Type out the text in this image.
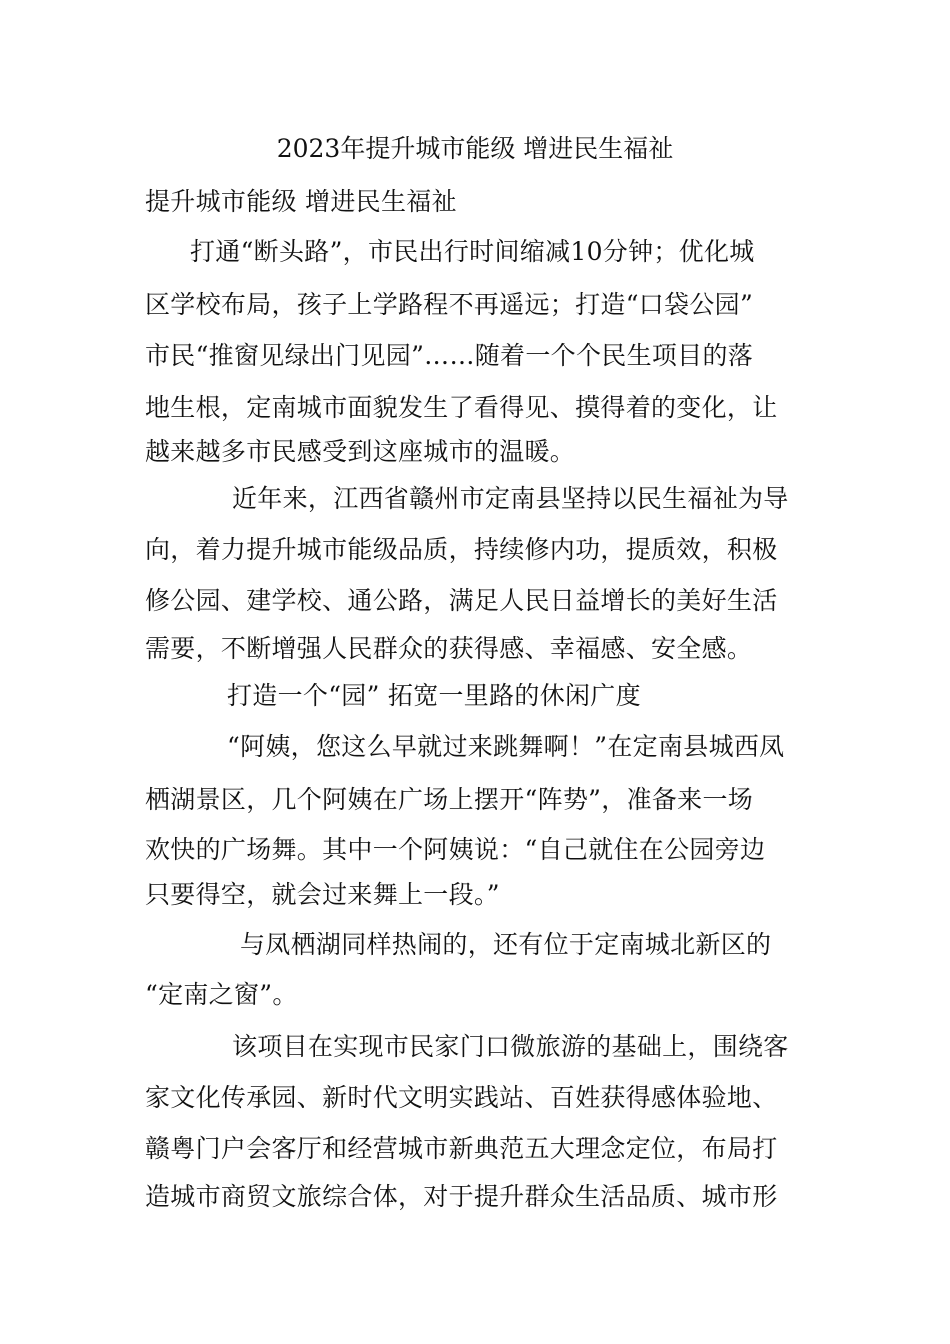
2023年提升城市能级 增进民生福祉
提升城市能级 增进民生福祉
打通“断头路”，市民出行时间缩减10分钟；优化城
区学校布局，孩子上学路程不再遥远；打造“口袋公园”
市民“推窗见绿出门见园”……随着一个个民生项目的落
地生根，定南城市面貌发生了看得见、摸得着的变化，让
越来越多市民感受到这座城市的温暖。
近年来，江西省赣州市定南县坚持以民生福祉为导
向，着力提升城市能级品质，持续修内功，提质效，积极
修公园、建学校、通公路，满足人民日益增长的美好生活
需要，不断增强人民群众的获得感、幸福感、安全感。
打造一个“园” 拓宽一里路的休闲广度
“阿姨，您这么早就过来跳舞啊！”在定南县城西凤
栖湖景区，几个阿姨在广场上摆开“阵势”，准备来一场
欢快的广场舞。其中一个阿姨说：“自己就住在公园旁边
只要得空，就会过来舞上一段。”
与凤栖湖同样热闹的，还有位于定南城北新区的
“定南之窗”。
该项目在实现市民家门口微旅游的基础上，围绕客
家文化传承园、新时代文明实践站、百姓获得感体验地、
赣粤门户会客厅和经营城市新典范五大理念定位，布局打
造城市商贸文旅综合体，对于提升群众生活品质、城市形
